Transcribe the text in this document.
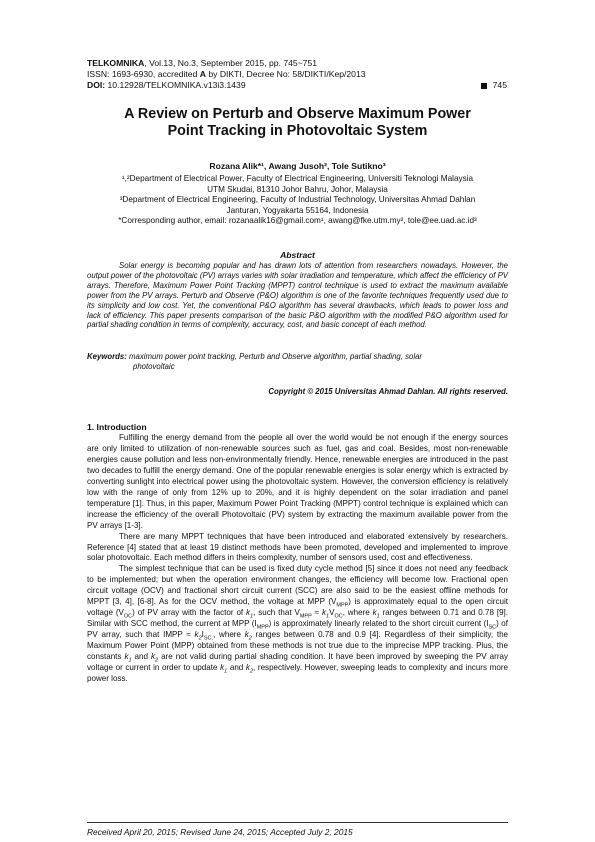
TELKOMNIKA, Vol.13, No.3, September 2015, pp. 745~751
ISSN: 1693-6930, accredited A by DIKTI, Decree No: 58/DIKTI/Kep/2013
DOI: 10.12928/TELKOMNIKA.v13i3.1439	745
A Review on Perturb and Observe Maximum Power
Point Tracking in Photovoltaic System
Rozana Alik*¹, Awang Jusoh², Tole Sutikno³
¹,²Department of Electrical Power, Faculty of Electrical Engineering, Universiti Teknologi Malaysia
UTM Skudai, 81310 Johor Bahru, Johor, Malaysia
³Department of Electrical Engineering, Faculty of Industrial Technology, Universitas Ahmad Dahlan
Janturan, Yogyakarta 55164, Indonesia
*Corresponding author, email: rozanaalik16@gmail.com¹, awang@fke.utm.my², tole@ee.uad.ac.id³
Abstract
Solar energy is becoming popular and has drawn lots of attention from researchers nowadays. However, the output power of the photovoltaic (PV) arrays varies with solar irradiation and temperature, which affect the efficiency of PV arrays. Therefore, Maximum Power Point Tracking (MPPT) control technique is used to extract the maximum available power from the PV arrays. Perturb and Observe (P&O) algorithm is one of the favorite techniques frequently used due to its simplicity and low cost. Yet, the conventional P&O algorithm has several drawbacks, which leads to power loss and lack of efficiency. This paper presents comparison of the basic P&O algorithm with the modified P&O algorithm used for partial shading condition in terms of complexity, accuracy, cost, and basic concept of each method.
Keywords: maximum power point tracking, Perturb and Observe algorithm, partial shading, solar
photovoltaic
Copyright © 2015 Universitas Ahmad Dahlan. All rights reserved.
1. Introduction

Fulfilling the energy demand from the people all over the world would be not enough if the energy sources are only limited to utilization of non-renewable sources such as fuel, gas and coal. Besides, most non-renewable energies cause pollution and less non-environmentally friendly. Hence, renewable energies are introduced in the past two decades to fulfill the energy demand. One of the popular renewable energies is solar energy which is extracted by converting sunlight into electrical power using the photovoltaic system. However, the conversion efficiency is relatively low with the range of only from 12% up to 20%, and it is highly dependent on the solar irradiation and panel temperature [1]. Thus, in this paper, Maximum Power Point Tracking (MPPT) control technique is explained which can increase the efficiency of the overall Photovoltaic (PV) system by extracting the maximum available power from the PV arrays [1-3].

There are many MPPT techniques that have been introduced and elaborated extensively by researchers. Reference [4] stated that at least 19 distinct methods have been promoted, developed and implemented to improve solar photovoltaic. Each method differs in theirs complexity, number of sensors used, cost and effectiveness.

The simplest technique that can be used is fixed duty cycle method [5] since it does not need any feedback to be implemented; but when the operation environment changes, the efficiency will become low. Fractional open circuit voltage (OCV) and fractional short circuit current (SCC) are also said to be the easiest offline methods for MPPT [3, 4], [6-8]. As for the OCV method, the voltage at MPP $(V_{MPP})$ is approximately equal to the open circuit voltage $(V_{OC})$ of PV array with the factor of $k_1$, such that $V_{MPP} \approx k_1V_{OC}$, where $k_1$ ranges between 0.71 and 0.78 [9]. Similar with SCC method, the current at MPP $(I_{MPP})$ is approximately linearly related to the short circuit current $(I_{SC})$ of PV array, such that IMPP ≈ $k_2I_{SC,}$, where $k_2$ ranges between 0.78 and 0.9 [4]. Regardless of their simplicity, the Maximum Power Point (MPP) obtained from these methods is not true due to the imprecise MPP tracking. Plus, the constants $k_1$ and $k_2$ are not valid during partial shading condition. It have been improved by sweeping the PV array voltage or current in order to update $k_1$ and $k_2$, respectively. However, sweeping leads to complexity and incurs more power loss.

Received April 20, 2015; Revised June 24, 2015; Accepted July 2, 2015
